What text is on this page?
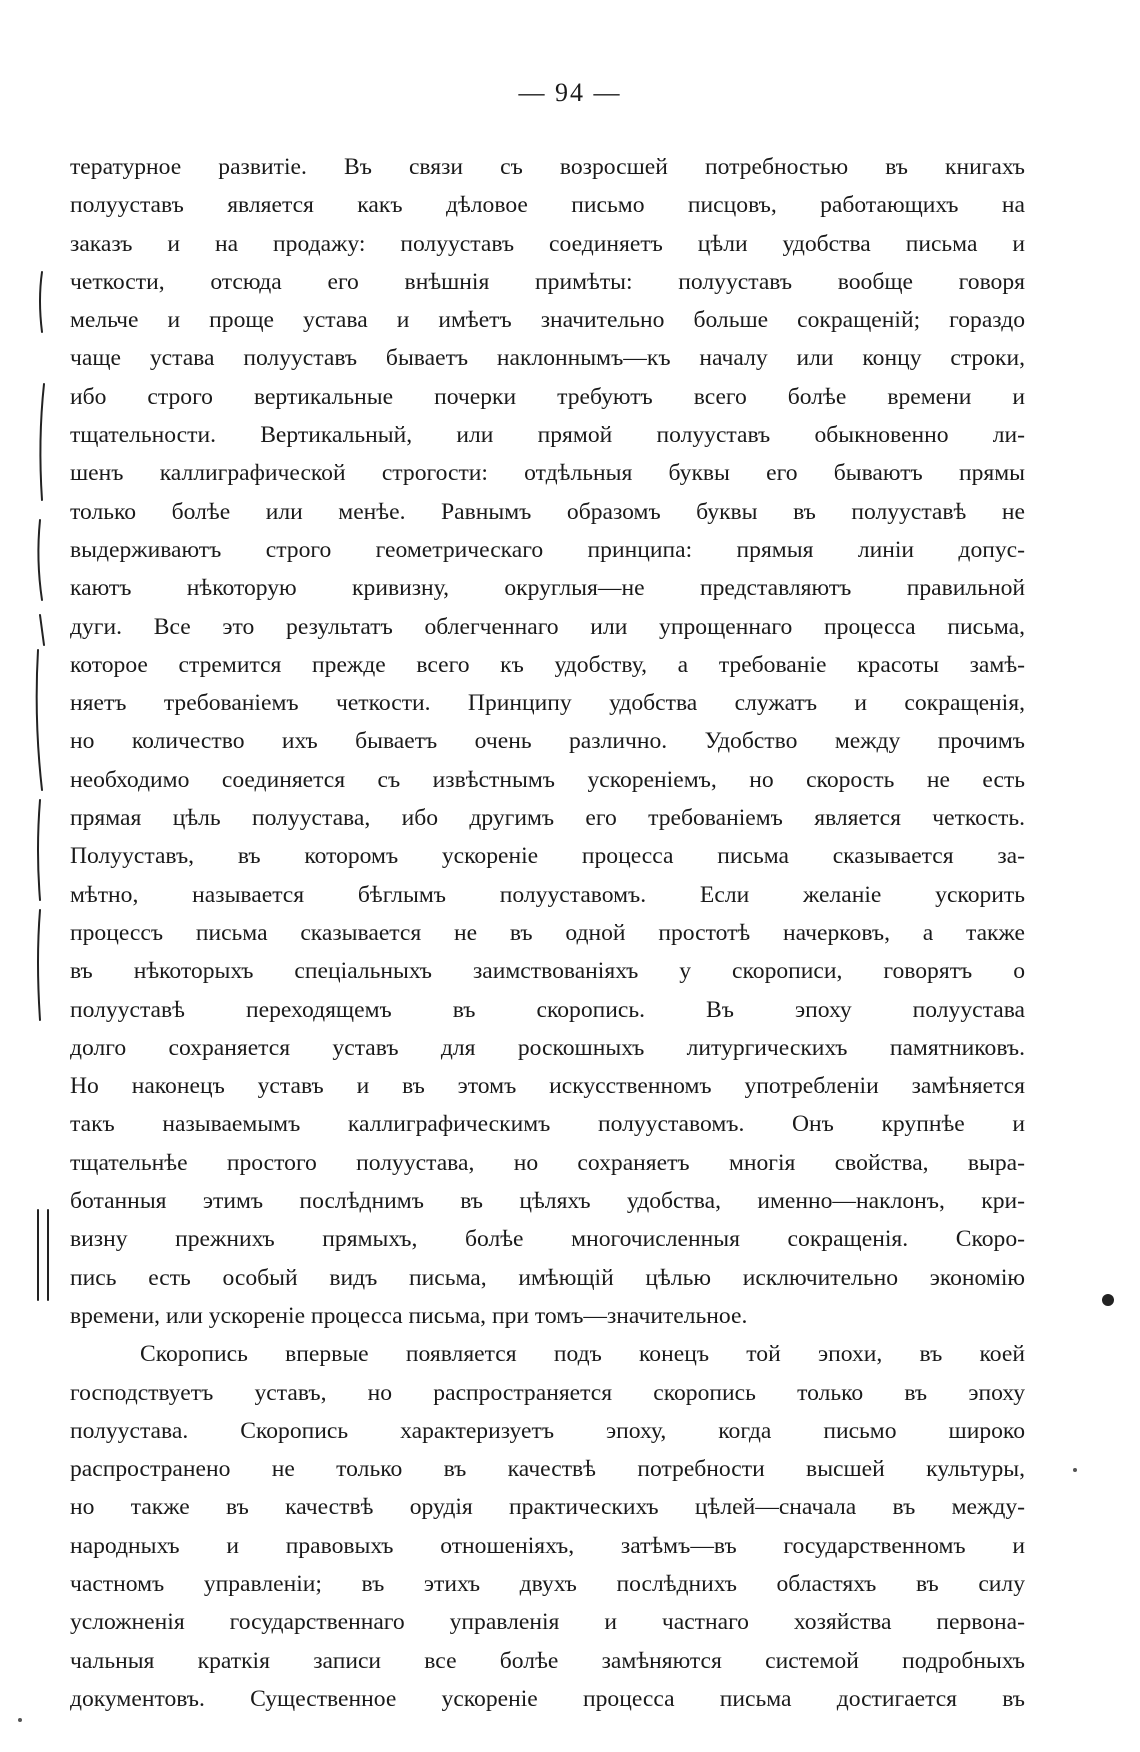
— 94 —
тературное развитіе. Въ связи съ возросшей потребностью въ книгахъ
полууставъ является какъ дѣловое письмо писцовъ, работающихъ на
заказъ и на продажу: полууставъ соединяетъ цѣли удобства письма и
четкости, отсюда его внѣшнія примѣты: полууставъ вообще говоря
мельче и проще устава и имѣетъ значительно больше сокращеній; гораздо
чаще устава полууставъ бываетъ наклоннымъ—къ началу или концу строки,
ибо строго вертикальные почерки требуютъ всего болѣе времени и
тщательности. Вертикальный, или прямой полууставъ обыкновенно ли-
шенъ каллиграфической строгости: отдѣльныя буквы его бываютъ прямы
только болѣе или менѣе. Равнымъ образомъ буквы въ полууставѣ не
выдерживаютъ строго геометрическаго принципа: прямыя линіи допус-
каютъ нѣкоторую кривизну, округлыя—не представляютъ правильной
дуги. Все это результатъ облегченнаго или упрощеннаго процесса письма,
которое стремится прежде всего къ удобству, а требованіе красоты замѣ-
няетъ требованіемъ четкости. Принципу удобства служатъ и сокращенія,
но количество ихъ бываетъ очень различно. Удобство между прочимъ
необходимо соединяется съ извѣстнымъ ускореніемъ, но скорость не есть
прямая цѣль полуустава, ибо другимъ его требованіемъ является четкость.
Полууставъ, въ которомъ ускореніе процесса письма сказывается за-
мѣтно, называется бѣглымъ полууставомъ. Если желаніе ускорить
процессъ письма сказывается не въ одной простотѣ начерковъ, а также
въ нѣкоторыхъ спеціальныхъ заимствованіяхъ у скорописи, говорятъ о
полууставѣ переходящемъ въ скоропись. Въ эпоху полуустава
долго сохраняется уставъ для роскошныхъ литургическихъ памятниковъ.
Но наконецъ уставъ и въ этомъ искусственномъ употребленіи замѣняется
такъ называемымъ каллиграфическимъ полууставомъ. Онъ крупнѣе и
тщательнѣе простого полуустава, но сохраняетъ многія свойства, выра-
ботанныя этимъ послѣднимъ въ цѣляхъ удобства, именно—наклонъ, кри-
визну прежнихъ прямыхъ, болѣе многочисленныя сокращенія. Скоро-
пись есть особый видъ письма, имѣющій цѣлью исключительно экономію
времени, или ускореніе процесса письма, при томъ—значительное.
Скоропись впервые появляется подъ конецъ той эпохи, въ коей
господствуетъ уставъ, но распространяется скоропись только въ эпоху
полуустава. Скоропись характеризуетъ эпоху, когда письмо широко
распространено не только въ качествѣ потребности высшей культуры,
но также въ качествѣ орудія практическихъ цѣлей—сначала въ между-
народныхъ и правовыхъ отношеніяхъ, затѣмъ—въ государственномъ и
частномъ управленіи; въ этихъ двухъ послѣднихъ областяхъ въ силу
усложненія государственнаго управленія и частнаго хозяйства первона-
чальныя краткія записи все болѣе замѣняются системой подробныхъ
документовъ. Существенное ускореніе процесса письма достигается въ
